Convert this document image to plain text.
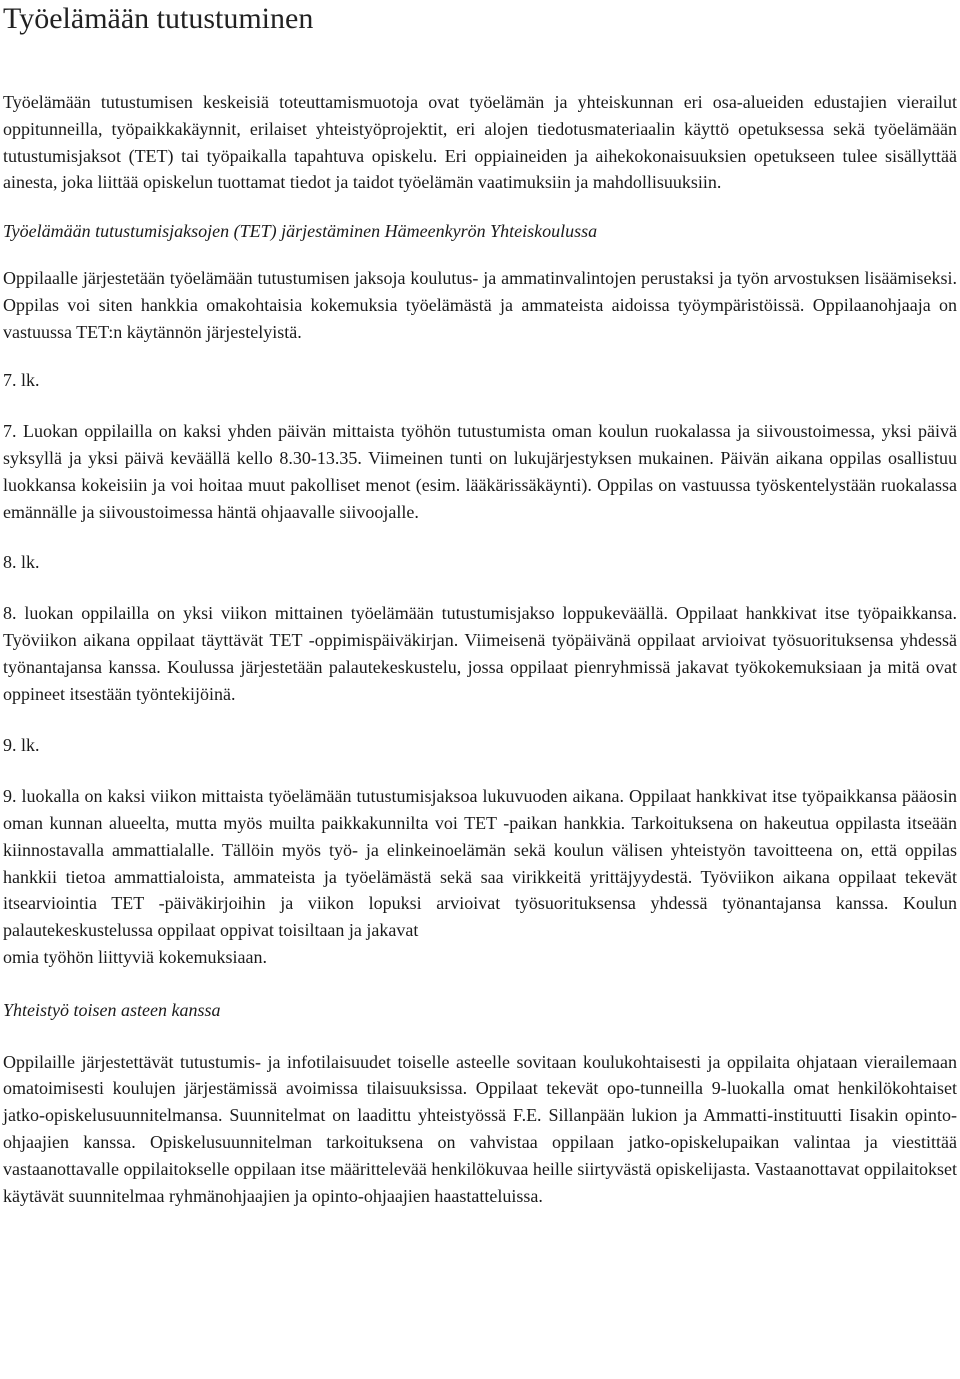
Työelämään tutustuminen

Työelämään tutustumisen keskeisiä toteuttamismuotoja ovat työelämän ja yhteiskunnan eri osa-alueiden edustajien vierailut oppitunneilla, työpaikkakäynnit, erilaiset yhteistyöprojektit, eri alojen tiedotusmateriaalin käyttö opetuksessa sekä työelämään tutustumisjaksot (TET) tai työpaikalla tapahtuva opiskelu. Eri oppiaineiden ja aihekokonaisuuksien opetukseen tulee sisällyttää ainesta, joka liittää opiskelun tuottamat tiedot ja taidot työelämän vaatimuksiin ja mahdollisuuksiin.

Työelämään tutustumisjaksojen (TET) järjestäminen Hämeenkyrön Yhteiskoulussa

Oppilaalle järjestetään työelämään tutustumisen jaksoja koulutus- ja ammatinvalintojen perustaksi ja työn arvostuksen lisäämiseksi. Oppilas voi siten hankkia omakohtaisia kokemuksia työelämästä ja ammateista aidoissa työympäristöissä. Oppilaanohjaaja on vastuussa TET:n käytännön järjestelyistä.

7. lk.

7. Luokan oppilailla on kaksi yhden päivän mittaista työhön tutustumista oman koulun ruokalassa ja siivoustoimessa, yksi päivä syksyllä ja yksi päivä keväällä kello 8.30-13.35. Viimeinen tunti on lukujärjestyksen mukainen. Päivän aikana oppilas osallistuu luokkansa kokeisiin ja voi hoitaa muut pakolliset menot (esim. lääkärissäkäynti). Oppilas on vastuussa työskentelystään ruokalassa emännälle ja siivoustoimessa häntä ohjaavalle siivoojalle.

8. lk.

8. luokan oppilailla on yksi viikon mittainen työelämään tutustumisjakso loppukeväällä. Oppilaat hankkivat itse työpaikkansa. Työviikon aikana oppilaat täyttävät TET -oppimispäiväkirjan. Viimeisenä työpäivänä oppilaat arvioivat työsuorituksensa yhdessä työnantajansa kanssa. Koulussa järjestetään palautekeskustelu, jossa oppilaat pienryhmissä jakavat työkokemuksiaan ja mitä ovat oppineet itsestään työntekijöinä.

9. lk.

9. luokalla on kaksi viikon mittaista työelämään tutustumisjaksoa lukuvuoden aikana. Oppilaat hankkivat itse työpaikkansa pääosin oman kunnan alueelta, mutta myös muilta paikkakunnilta voi TET -paikan hankkia. Tarkoituksena on hakeutua oppilasta itseään kiinnostavalla ammattialalle. Tällöin myös työ- ja elinkeinoelämän sekä koulun välisen yhteistyön tavoitteena on, että oppilas hankkii tietoa ammattialoista, ammateista ja työelämästä sekä saa virikkeitä yrittäjyydestä. Työviikon aikana oppilaat tekevät itsearviointia TET -päiväkirjoihin ja viikon lopuksi arvioivat työsuorituksensa yhdessä työnantajansa kanssa. Koulun palautekeskustelussa oppilaat oppivat toisiltaan ja jakavat

omia työhön liittyviä kokemuksiaan.

Yhteistyö toisen asteen kanssa

Oppilaille järjestettävät tutustumis- ja infotilaisuudet toiselle asteelle sovitaan koulukohtaisesti ja oppilaita ohjataan vierailemaan omatoimisesti koulujen järjestämissä avoimissa tilaisuuksissa. Oppilaat tekevät opo-tunneilla 9-luokalla omat henkilökohtaiset jatko-opiskelusuunnitelmansa. Suunnitelmat on laadittu yhteistyössä F.E. Sillanpään lukion ja Ammatti-instituutti Iisakin opinto-ohjaajien kanssa. Opiskelusuunnitelman tarkoituksena on vahvistaa oppilaan jatko-opiskelupaikan valintaa ja viestittää vastaanottavalle oppilaitokselle oppilaan itse määrittelevää henkilökuvaa heille siirtyvästä opiskelijasta. Vastaanottavat oppilaitokset käytävät suunnitelmaa ryhmänohjaajien ja opinto-ohjaajien haastatteluissa.
